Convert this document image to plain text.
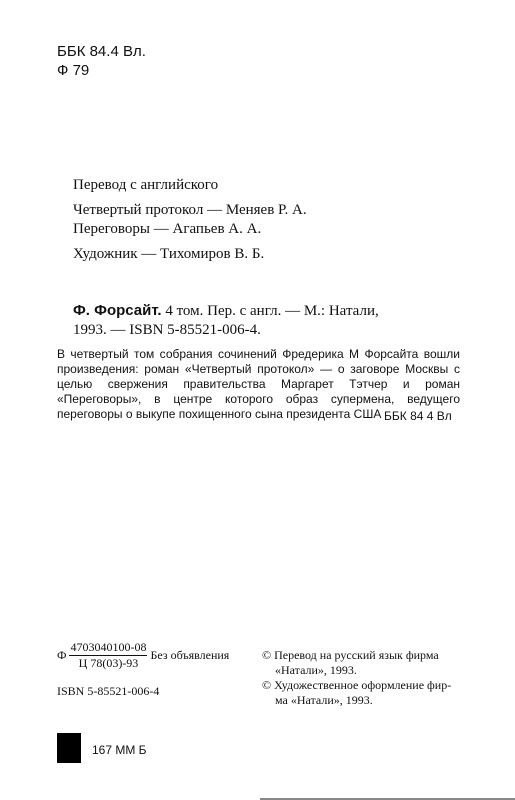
ББК 84.4 Вл.
Ф 79
Перевод с английского
Четвертый протокол — Меняев Р. А.
Переговоры — Агапьев А. А.
Художник — Тихомиров В. Б.
Ф. Форсайт. 4 том. Пер. с англ. — М.: Натали,
1993. — ISBN 5-85521-006-4.
В четвертый том собрания сочинений Фредерика М Форсайта вошли произведения: роман «Четвертый протокол» — о заговоре Москвы с целью свержения правительства Маргарет Тэтчер и роман «Переговоры», в центре которого образ супермена, ведущего переговоры о выкупе похищенного сына президента США ББК 84 4 Вл
Ф $\frac{4703040100-08}{Ц 78(03)-93}$ Без объявления	© Перевод на русский язык фирма
«Натали», 1993.
© Художественное оформление фир-
ма «Натали», 1993.
ISBN 5-85521-006-4
167 ММ Б
